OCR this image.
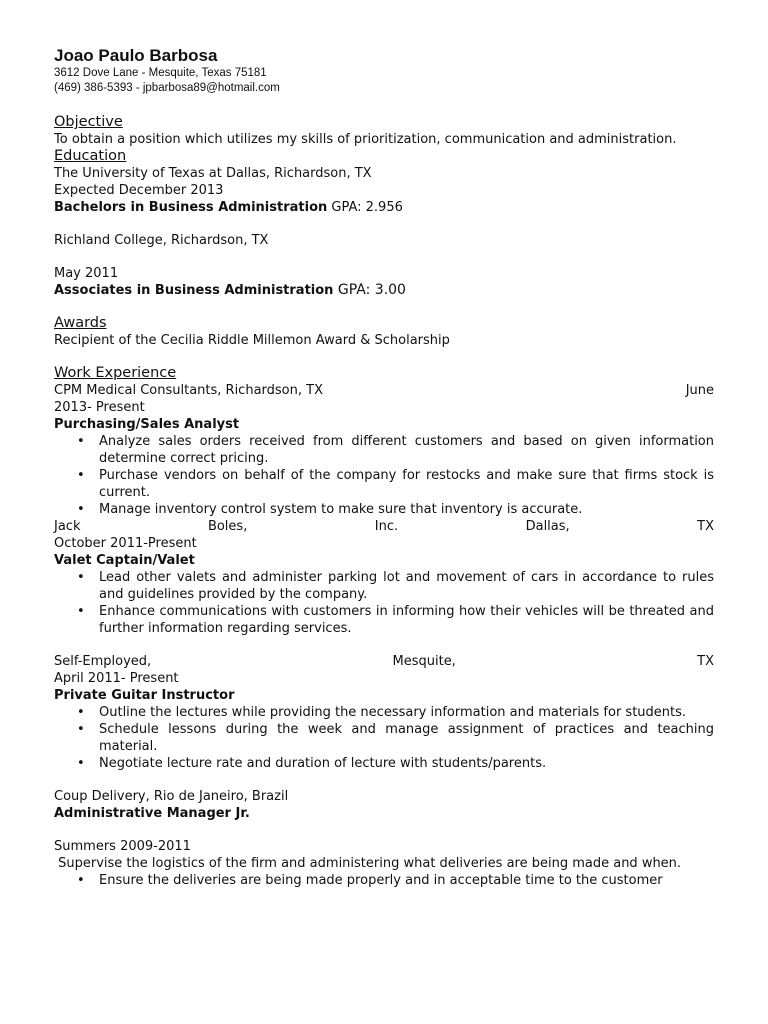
Joao Paulo Barbosa
3612 Dove Lane - Mesquite, Texas 75181
(469) 386-5393 - jpbarbosa89@hotmail.com
Objective
To obtain a position which utilizes my skills of prioritization, communication and administration.
Education
The University of Texas at Dallas, Richardson, TX
Expected December 2013
Bachelors in Business Administration GPA: 2.956
Richland College, Richardson, TX
May 2011
Associates in Business Administration GPA: 3.00
Awards
Recipient of the Cecilia Riddle Millemon Award & Scholarship
Work Experience
CPM Medical Consultants, Richardson, TX	June
2013- Present
Purchasing/Sales Analyst
• Analyze sales orders received from different customers and based on given information determine correct pricing.
• Purchase vendors on behalf of the company for restocks and make sure that firms stock is current.
• Manage inventory control system to make sure that inventory is accurate.
Jack	Boles,	Inc.	Dallas,	TX
October 2011-Present
Valet Captain/Valet
• Lead other valets and administer parking lot and movement of cars in accordance to rules and guidelines provided by the company.
• Enhance communications with customers in informing how their vehicles will be threated and further information regarding services.
Self-Employed,	Mesquite,	TX
April 2011- Present
Private Guitar Instructor
• Outline the lectures while providing the necessary information and materials for students.
• Schedule lessons during the week and manage assignment of practices and teaching material.
• Negotiate lecture rate and duration of lecture with students/parents.
Coup Delivery, Rio de Janeiro, Brazil
Administrative Manager Jr.
Summers 2009-2011
Supervise the logistics of the firm and administering what deliveries are being made and when.
• Ensure the deliveries are being made properly and in acceptable time to the customer
